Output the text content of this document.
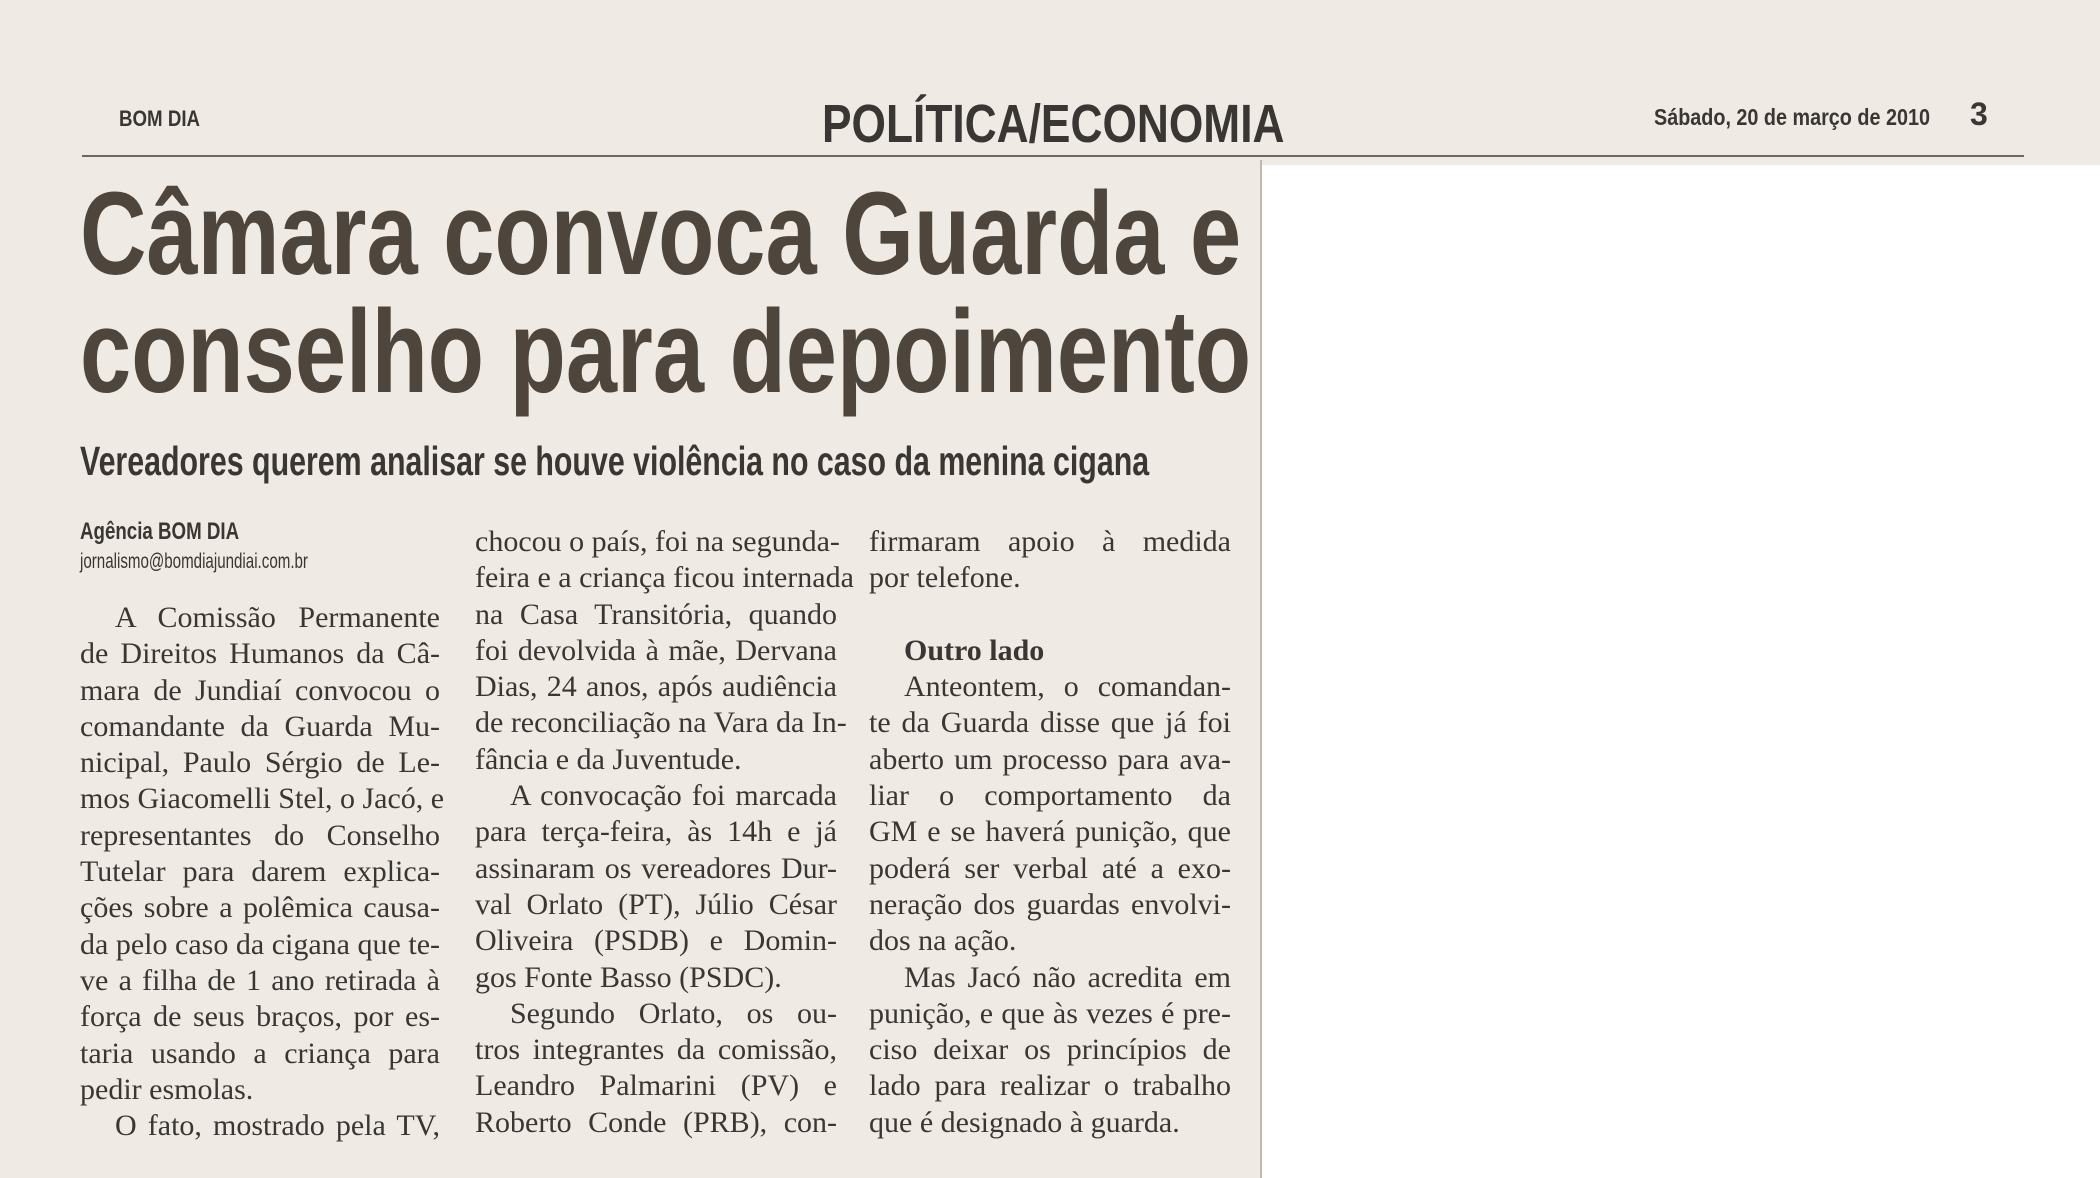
BOM DIA	POLÍTICA/ECONOMIA	Sábado, 20 de março de 2010 3
Câmara convoca Guarda e
conselho para depoimento
Vereadores querem analisar se houve violência no caso da menina cigana
Agência BOM DIA
jornalismo@bomdiajundiai.com.br
A Comissão Permanente
de Direitos Humanos da Câ-
mara de Jundiaí convocou o
comandante da Guarda Mu-
nicipal, Paulo Sérgio de Le-
mos Giacomelli Stel, o Jacó, e
representantes do Conselho
Tutelar para darem explica-
ções sobre a polêmica causa-
da pelo caso da cigana que te-
ve a filha de 1 ano retirada à
força de seus braços, por es-
taria usando a criança para
pedir esmolas.
O fato, mostrado pela TV,
chocou o país, foi na segunda-
feira e a criança ficou internada
na Casa Transitória, quando
foi devolvida à mãe, Dervana
Dias, 24 anos, após audiência
de reconciliação na Vara da In-
fância e da Juventude.
A convocação foi marcada
para terça-feira, às 14h e já
assinaram os vereadores Dur-
val Orlato (PT), Júlio César
Oliveira (PSDB) e Domin-
gos Fonte Basso (PSDC).
Segundo Orlato, os ou-
tros integrantes da comissão,
Leandro Palmarini (PV) e
Roberto Conde (PRB), con-
firmaram apoio à medida
por telefone.
Outro lado
Anteontem, o comandan-
te da Guarda disse que já foi
aberto um processo para ava-
liar o comportamento da
GM e se haverá punição, que
poderá ser verbal até a exo-
neração dos guardas envolvi-
dos na ação.
Mas Jacó não acredita em
punição, e que às vezes é pre-
ciso deixar os princípios de
lado para realizar o trabalho
que é designado à guarda.
